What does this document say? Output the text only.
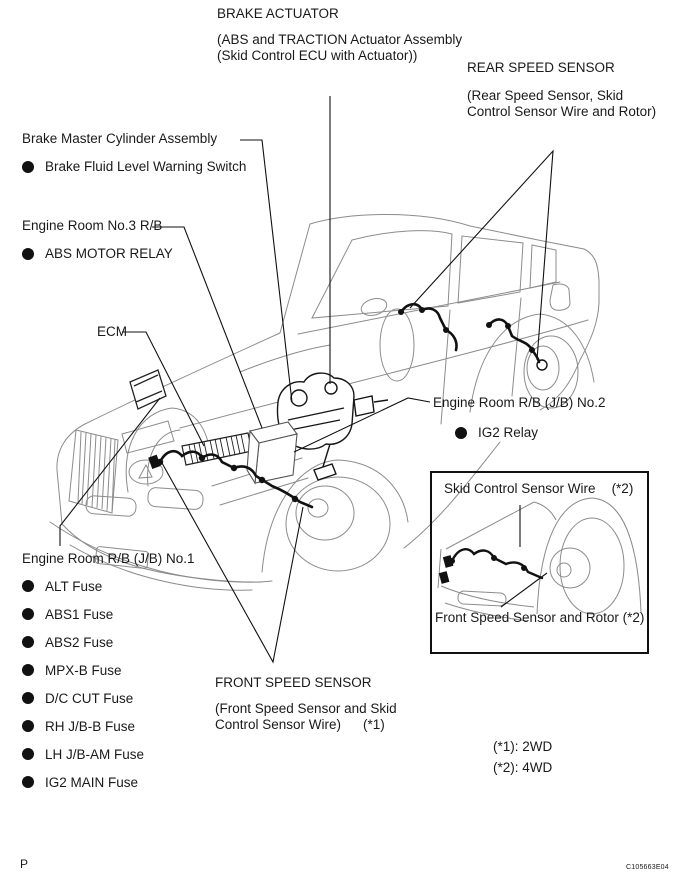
BRAKE ACTUATOR
(ABS and TRACTION Actuator Assembly
(Skid Control ECU with Actuator))
REAR SPEED SENSOR
(Rear Speed Sensor, Skid
Control Sensor Wire and Rotor)
Brake Master Cylinder Assembly
Brake Fluid Level Warning Switch
Engine Room No.3 R/B
ABS MOTOR RELAY
ECM
Engine Room R/B (J/B) No.2
IG2 Relay
Engine Room R/B (J/B) No.1
ALT Fuse
ABS1 Fuse
ABS2 Fuse
MPX-B Fuse
D/C CUT Fuse
RH J/B-B Fuse
LH J/B-AM Fuse
IG2 MAIN Fuse
FRONT SPEED SENSOR
(Front Speed Sensor and Skid
Control Sensor Wire) (*1)
Skid Control Sensor Wire (*2)
Front Speed Sensor and Rotor (*2)
(*1): 2WD
(*2): 4WD
P	C105663E04
